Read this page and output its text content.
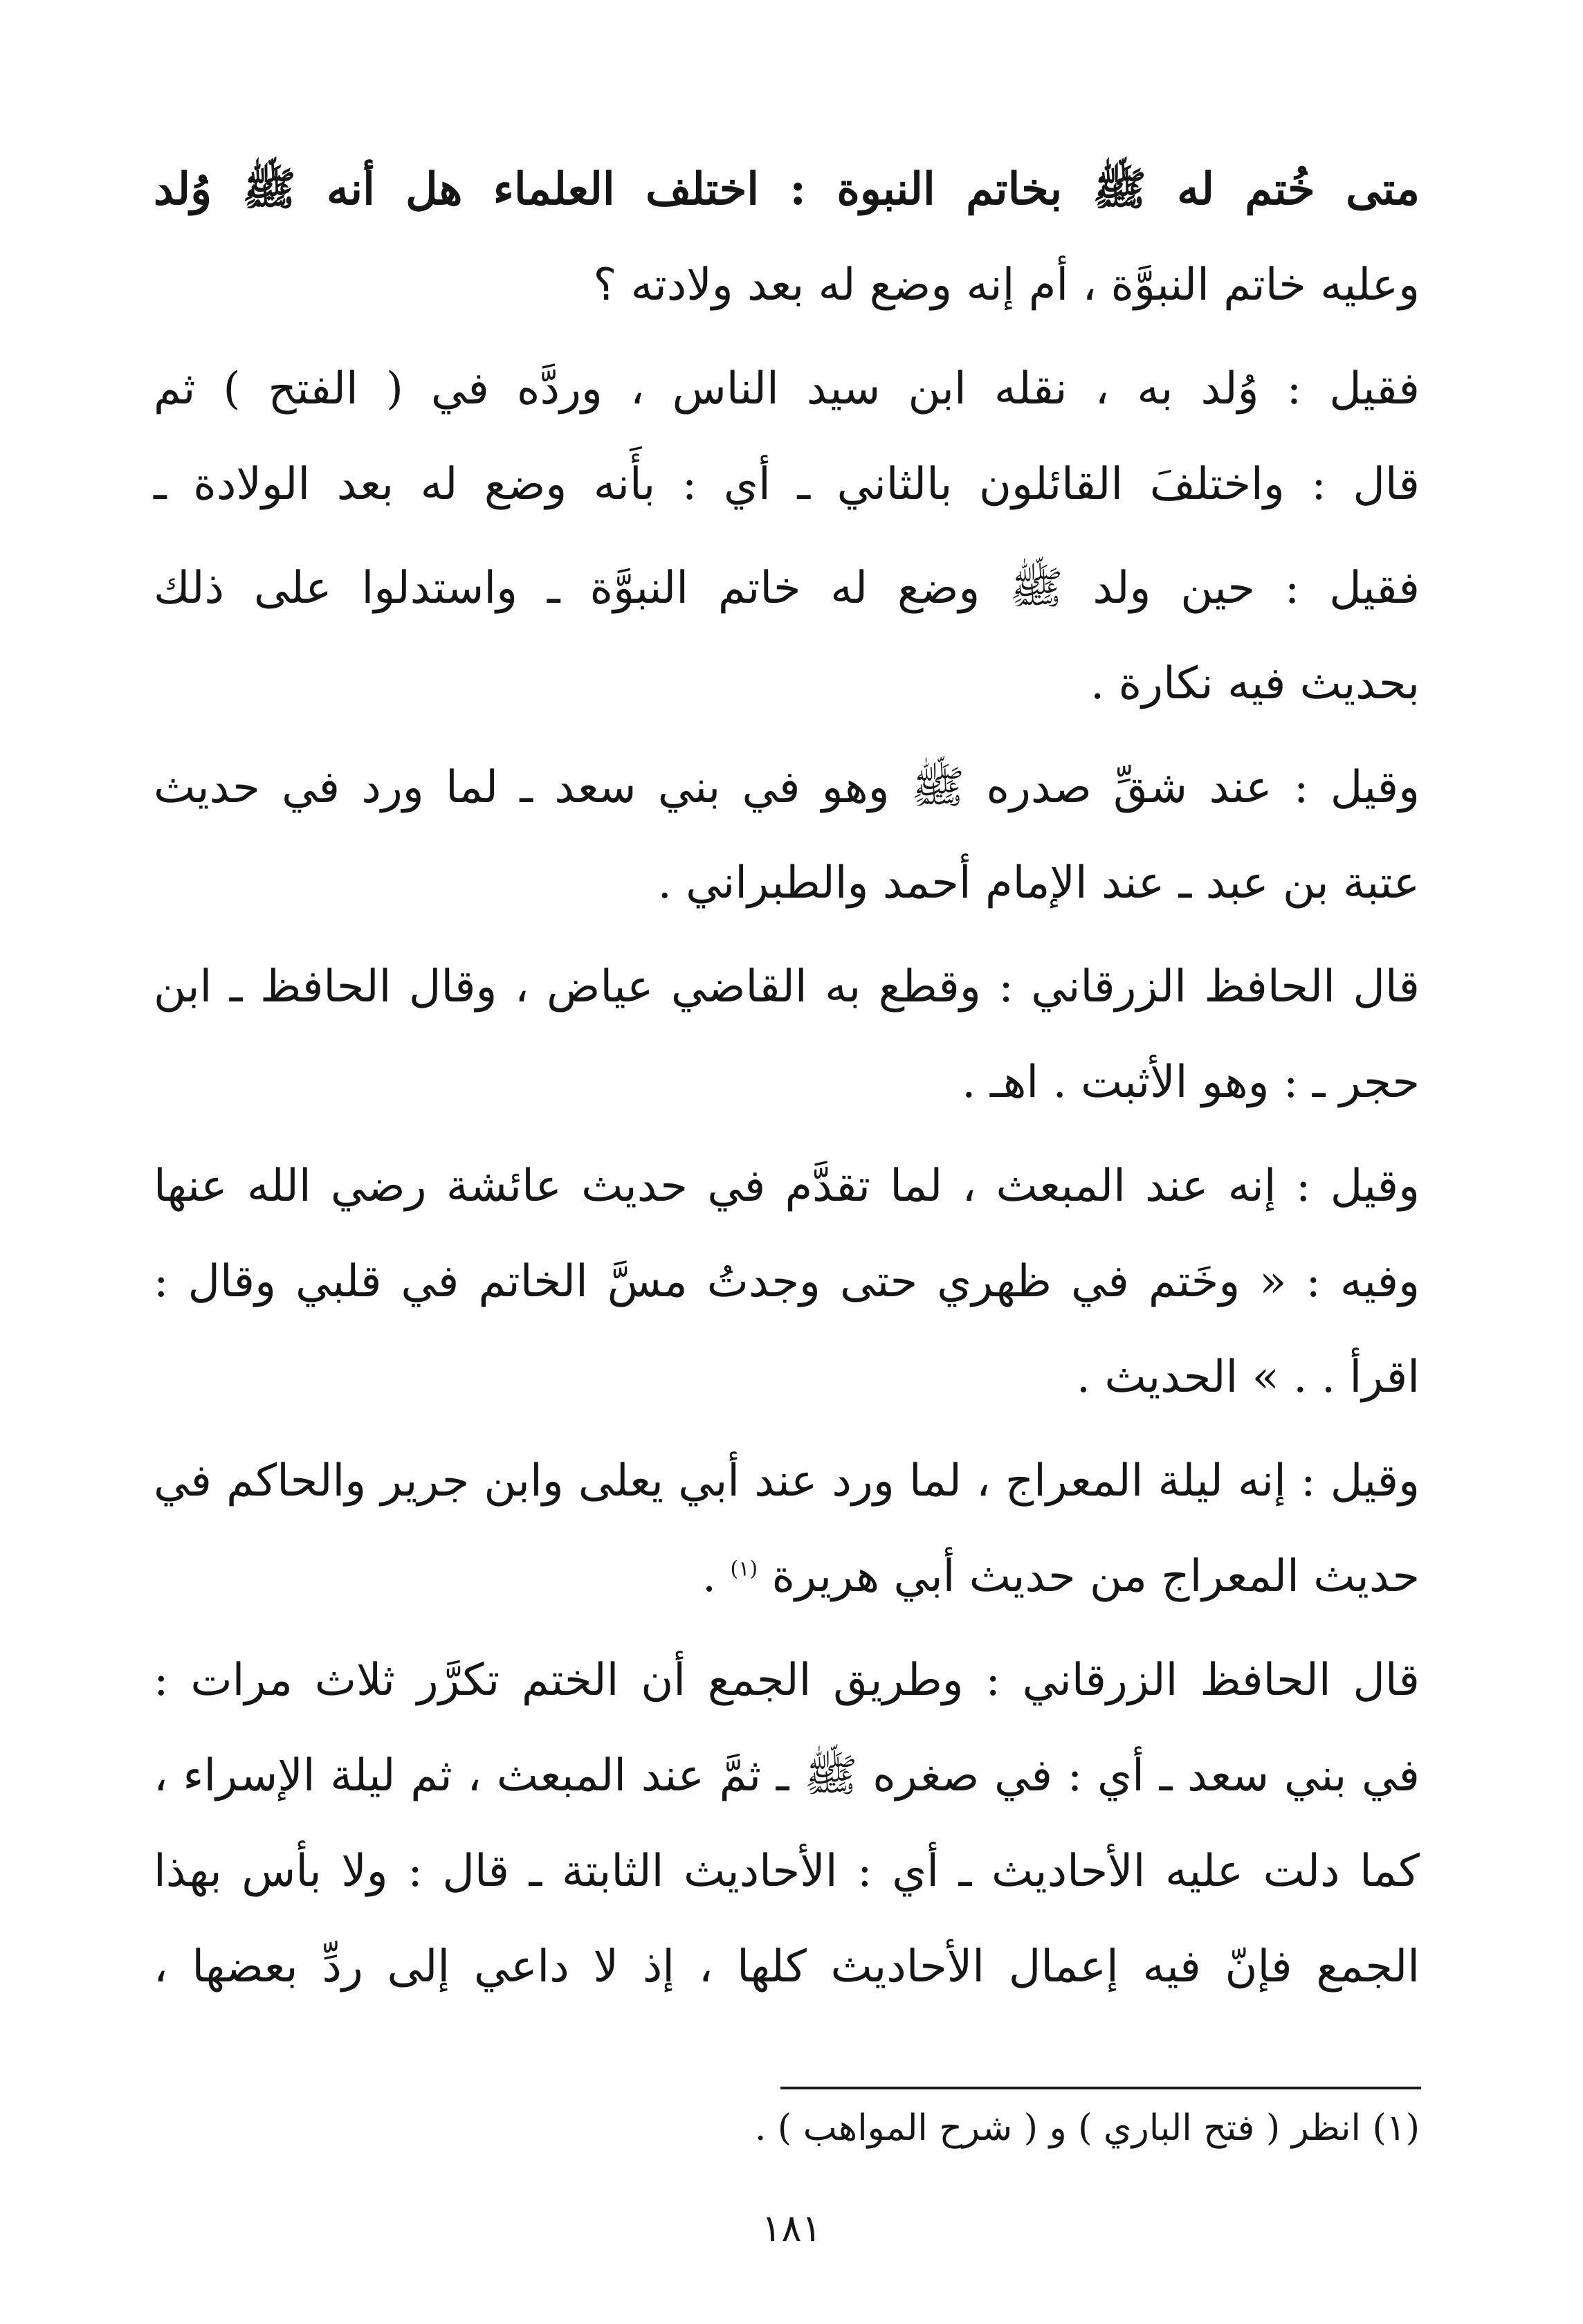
متى خُتم له ﷺ بخاتم النبوة : اختلف العلماء هل أنه ﷺ وُلد
وعليه خاتم النبوَّة ، أم إنه وضع له بعد ولادته ؟

فقيل : وُلد به ، نقله ابن سيد الناس ، وردَّه في ( الفتح ) ثم
قال : واختلفَ القائلون بالثاني ـ أي : بأَنه وضع له بعد الولادة ـ

فقيل : حين ولد ﷺ وضع له خاتم النبوَّة ـ واستدلوا على ذلك
بحديث فيه نكارة .

وقيل : عند شقِّ صدره ﷺ وهو في بني سعد ـ لما ورد في حديث
عتبة بن عبد ـ عند الإمام أحمد والطبراني .

قال الحافظ الزرقاني : وقطع به القاضي عياض ، وقال الحافظ ـ ابن
حجر ـ : وهو الأثبت . اهـ .

وقيل : إنه عند المبعث ، لما تقدَّم في حديث عائشة رضي الله عنها
وفيه : « وخَتم في ظهري حتى وجدتُ مسَّ الخاتم في قلبي وقال :
اقرأ . . » الحديث .

وقيل : إنه ليلة المعراج ، لما ورد عند أبي يعلى وابن جرير والحاكم في
حديث المعراج من حديث أبي هريرة $^{(١)}$ .

قال الحافظ الزرقاني : وطريق الجمع أن الختم تكرَّر ثلاث مرات :
في بني سعد ـ أي : في صغره ﷺ ـ ثمَّ عند المبعث ، ثم ليلة الإسراء ،
كما دلت عليه الأحاديث ـ أي : الأحاديث الثابتة ـ قال : ولا بأس بهذا
الجمع فإنّ فيه إعمال الأحاديث كلها ، إذ لا داعي إلى ردِّ بعضها ،

(١) انظر ( فتح الباري ) و ( شرح المواهب ) .
١٨١
